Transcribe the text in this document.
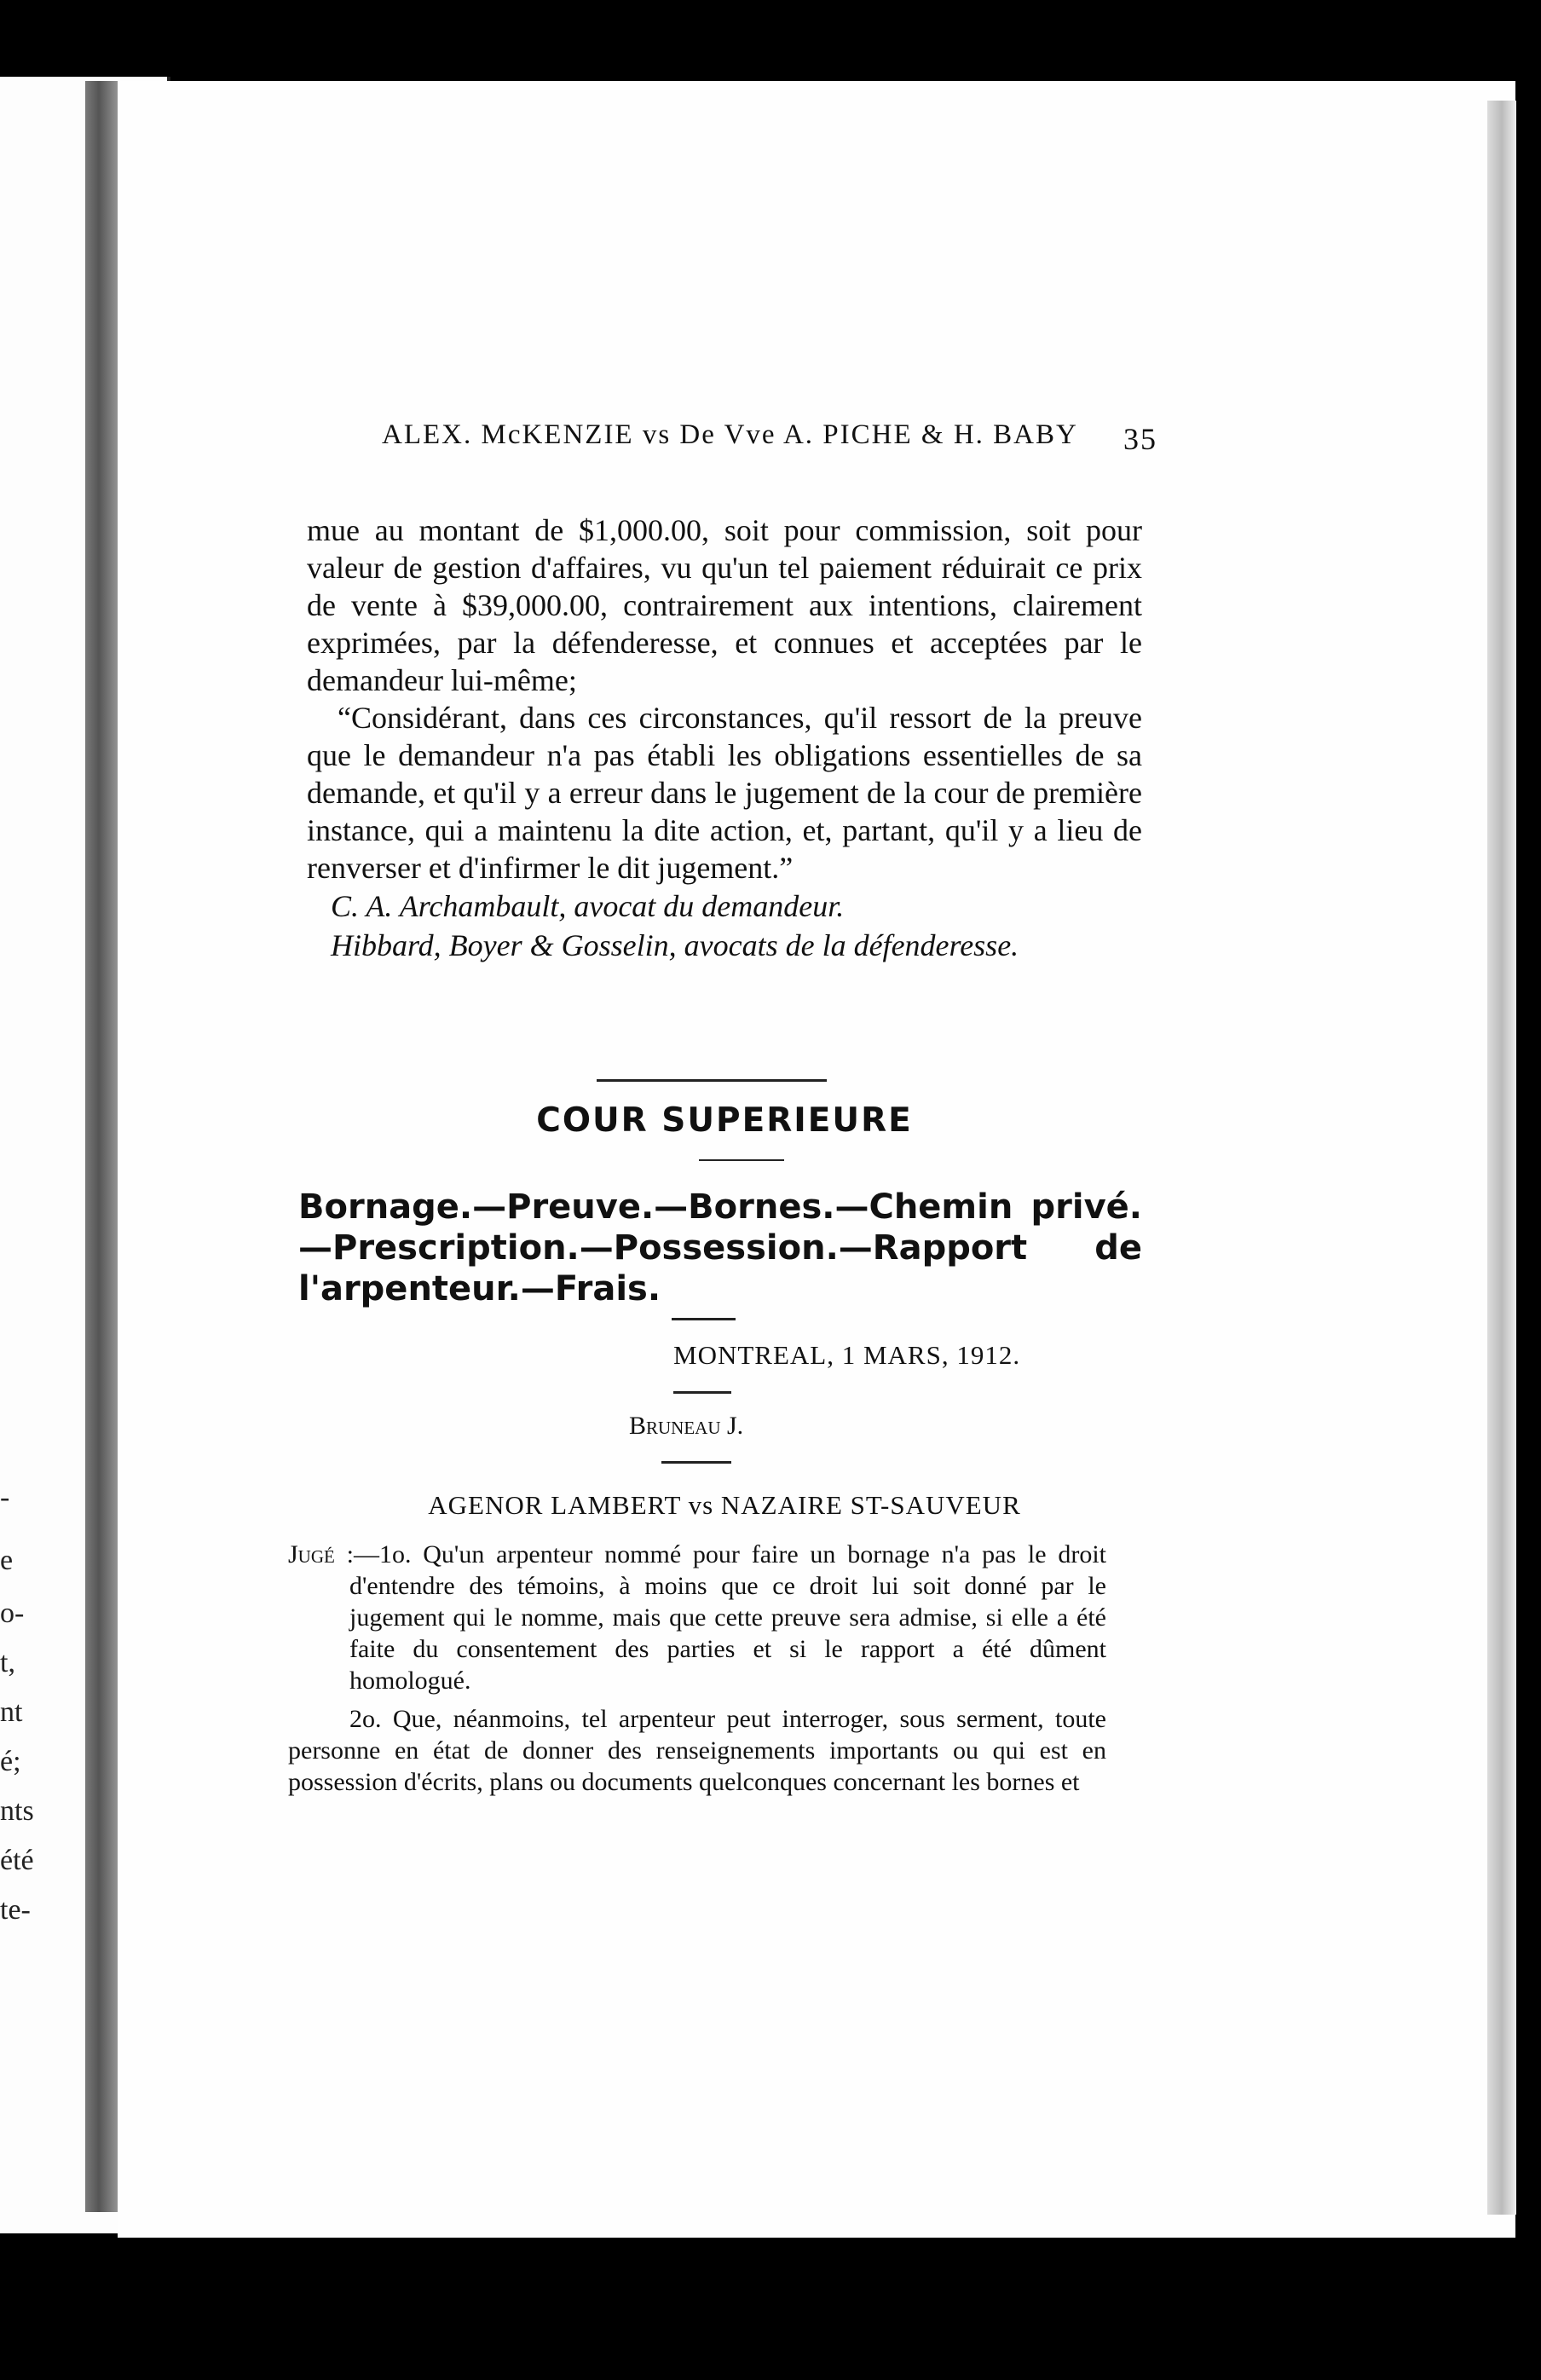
-
e
o-
t,
nt
é;
nts
été
te-
ALEX. McKENZIE vs De Vve A. PICHE & H. BABY 35

mue au montant de $1,000.00, soit pour commission, soit pour valeur de gestion d'affaires, vu qu'un tel paiement réduirait ce prix de vente à $39,000.00, contrairement aux intentions, clairement exprimées, par la défenderesse, et connues et acceptées par le demandeur lui-même;

“Considérant, dans ces circonstances, qu'il ressort de la preuve que le demandeur n'a pas établi les obligations essentielles de sa demande, et qu'il y a erreur dans le jugement de la cour de première instance, qui a maintenu la dite action, et, partant, qu'il y a lieu de renverser et d'infirmer le dit jugement.”

C. A. Archambault, avocat du demandeur.

Hibbard, Boyer & Gosselin, avocats de la défenderesse.

COUR SUPERIEURE
Bornage.—Preuve.—Bornes.—Chemin privé.—Prescription.—Possession.—Rapport de l'arpenteur.—Frais.
MONTREAL, 1 MARS, 1912.
Bruneau J.
AGENOR LAMBERT vs NAZAIRE ST-SAUVEUR

Jugé :—1o. Qu'un arpenteur nommé pour faire un bornage n'a pas le droit d'entendre des témoins, à moins que ce droit lui soit donné par le jugement qui le nomme, mais que cette preuve sera admise, si elle a été faite du consentement des parties et si le rapport a été dûment homologué.

2o. Que, néanmoins, tel arpenteur peut interroger, sous serment, toute personne en état de donner des renseignements importants ou qui est en possession d'écrits, plans ou documents quelconques concernant les bornes et
